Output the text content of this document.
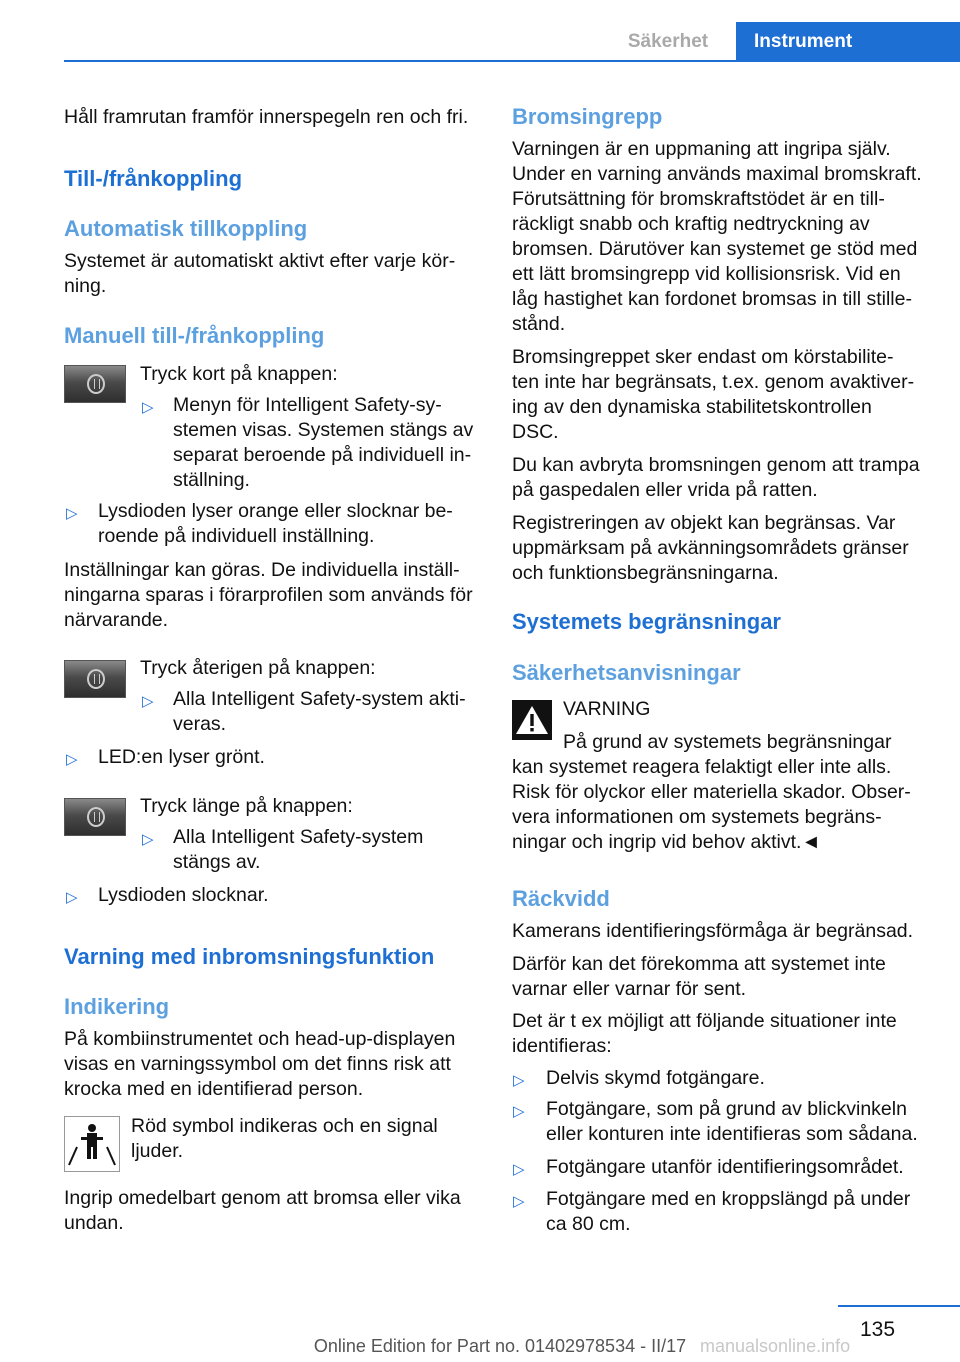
Säkerhet	Instrument

Håll framrutan framför innerspegeln ren och fri.

Till-/frånkoppling
Automatisk tillkoppling

Systemet är automatiskt aktivt efter varje kör-
ning.

Manuell till-/frånkoppling

Tryck kort på knappen:

▷ Menyn för Intelligent Safety-sy-
stemen visas. Systemen stängs av
separat beroende på individuell in-
ställning.

▷ Lysdioden lyser orange eller slocknar be-
roende på individuell inställning.

Inställningar kan göras. De individuella inställ-
ningarna sparas i förarprofilen som används för
närvarande.

Tryck återigen på knappen:

▷ Alla Intelligent Safety-system akti-
veras.

▷ LED:en lyser grönt.

Tryck länge på knappen:

▷ Alla Intelligent Safety-system
stängs av.

▷ Lysdioden slocknar.

Varning med inbromsningsfunktion
Indikering

På kombiinstrumentet och head-up-displayen
visas en varningssymbol om det finns risk att
krocka med en identifierad person.

Röd symbol indikeras och en signal
ljuder.

Ingrip omedelbart genom att bromsa eller vika
undan.

Bromsingrepp

Varningen är en uppmaning att ingripa själv.
Under en varning används maximal bromskraft.
Förutsättning för bromskraftstödet är en till-
räckligt snabb och kraftig nedtryckning av
bromsen. Därutöver kan systemet ge stöd med
ett lätt bromsingrepp vid kollisionsrisk. Vid en
låg hastighet kan fordonet bromsas in till stille-
stånd.

Bromsingreppet sker endast om körstabilite-
ten inte har begränsats, t.ex. genom avaktiver-
ing av den dynamiska stabilitetskontrollen
DSC.

Du kan avbryta bromsningen genom att trampa
på gaspedalen eller vrida på ratten.

Registreringen av objekt kan begränsas. Var
uppmärksam på avkänningsområdets gränser
och funktionsbegränsningarna.

Systemets begränsningar
Säkerhetsanvisningar

VARNING

På grund av systemets begränsningar

kan systemet reagera felaktigt eller inte alls.
Risk för olyckor eller materiella skador. Obser-
vera informationen om systemets begräns-
ningar och ingrip vid behov aktivt.◄

Räckvidd

Kamerans identifieringsförmåga är begränsad.

Därför kan det förekomma att systemet inte
varnar eller varnar för sent.

Det är t ex möjligt att följande situationer inte
identifieras:

▷ Delvis skymd fotgängare.

▷ Fotgängare, som på grund av blickvinkeln
eller konturen inte identifieras som sådana.

▷ Fotgängare utanför identifieringsområdet.

▷ Fotgängare med en kroppslängd på under
ca 80 cm.

135
Online Edition for Part no. 01402978534 - II/17 manualsonline.info
